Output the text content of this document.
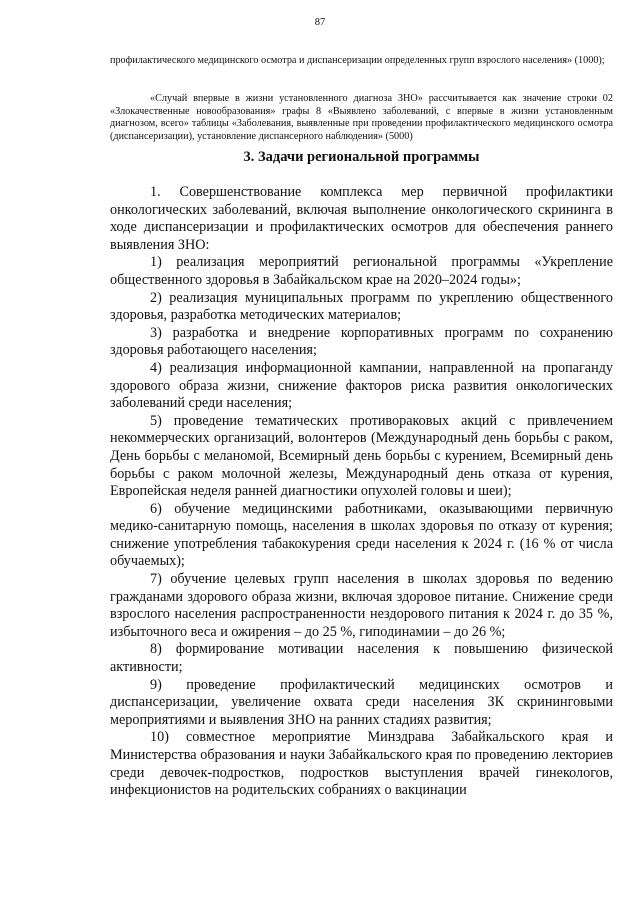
87
профилактического медицинского осмотра и диспансеризации определенных групп взрослого населения» (1000);
«Случай впервые в жизни установленного диагноза ЗНО» рассчитывается как значение строки 02 «Злокачественные новообразования» графы 8 «Выявлено заболеваний, с впервые в жизни установленным диагнозом, всего» таблицы «Заболевания, выявленные при проведении профилактического медицинского осмотра (диспансеризации), установление диспансерного наблюдения» (5000)
3. Задачи региональной программы

1. Совершенствование комплекса мер первичной профилактики онкологических заболеваний, включая выполнение онкологического скрининга в ходе диспансеризации и профилактических осмотров для обеспечения раннего выявления ЗНО:

1) реализация мероприятий региональной программы «Укрепление общественного здоровья в Забайкальском крае на 2020–2024 годы»;

2) реализация муниципальных программ по укреплению общественного здоровья, разработка методических материалов;

3) разработка и внедрение корпоративных программ по сохранению здоровья работающего населения;

4) реализация информационной кампании, направленной на пропаганду здорового образа жизни, снижение факторов риска развития онкологических заболеваний среди населения;

5) проведение тематических противораковых акций с привлечением некоммерческих организаций, волонтеров (Международный день борьбы с раком, День борьбы с меланомой, Всемирный день борьбы с курением, Всемирный день борьбы с раком молочной железы, Международный день отказа от курения, Европейская неделя ранней диагностики опухолей головы и шеи);

6) обучение медицинскими работниками, оказывающими первичную медико-санитарную помощь, населения в школах здоровья по отказу от курения; снижение употребления табакокурения среди населения к 2024 г. (16 % от числа обучаемых);

7) обучение целевых групп населения в школах здоровья по ведению гражданами здорового образа жизни, включая здоровое питание. Снижение среди взрослого населения распространенности нездорового питания к 2024 г. до 35 %, избыточного веса и ожирения – до 25 %, гиподинамии – до 26 %;

8) формирование мотивации населения к повышению физической активности;

9) проведение профилактический медицинских осмотров и диспансеризации, увеличение охвата среди населения ЗК скрининговыми мероприятиями и выявления ЗНО на ранних стадиях развития;

10) совместное мероприятие Минздрава Забайкальского края и Министерства образования и науки Забайкальского края по проведению лекториев среди девочек-подростков, подростков выступления врачей гинекологов, инфекционистов на родительских собраниях о вакцинации
